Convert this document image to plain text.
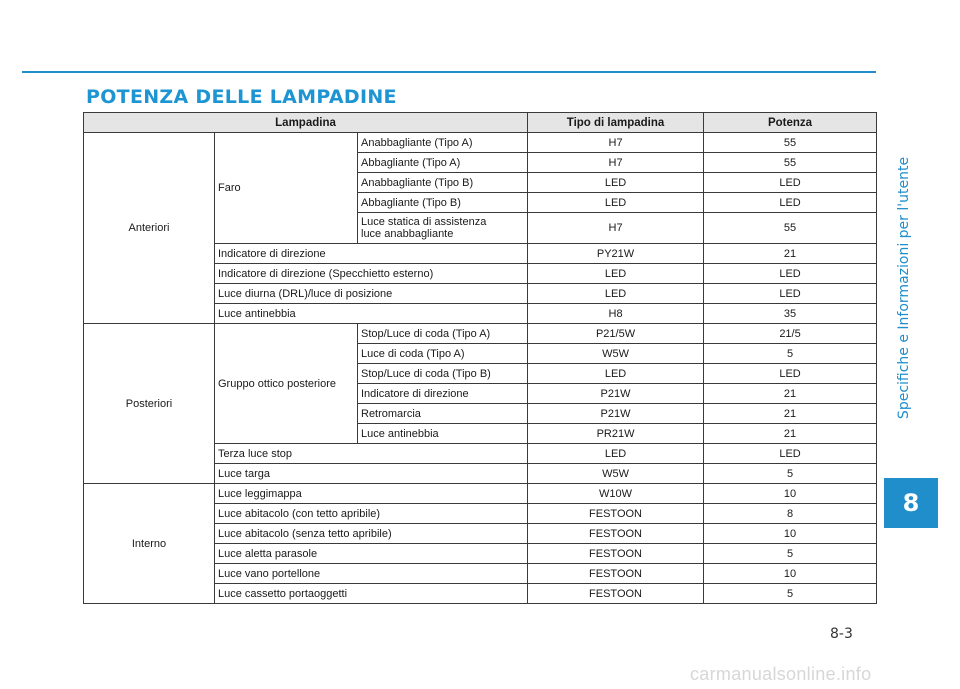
POTENZA DELLE LAMPADINE
Lampadina			Tipo di lampadina	Potenza
Anteriori	Faro	Anabbagliante (Tipo A)	H7	55
		Abbagliante (Tipo A)	H7	55
		Anabbagliante (Tipo B)	LED	LED
		Abbagliante (Tipo B)	LED	LED
		Luce statica di assistenza
luce anabbagliante	H7	55
	Indicatore di direzione		PY21W	21
	Indicatore di direzione (Specchietto esterno)		LED	LED
	Luce diurna (DRL)/luce di posizione		LED	LED
	Luce antinebbia		H8	35
Posteriori	Gruppo ottico posteriore	Stop/Luce di coda (Tipo A)	P21/5W	21/5
		Luce di coda (Tipo A)	W5W	5
		Stop/Luce di coda (Tipo B)	LED	LED
		Indicatore di direzione	P21W	21
		Retromarcia	P21W	21
		Luce antinebbia	PR21W	21
	Terza luce stop		LED	LED
	Luce targa		W5W	5
Interno	Luce leggimappa		W10W	10
	Luce abitacolo (con tetto apribile)		FESTOON	8
	Luce abitacolo (senza tetto apribile)		FESTOON	10
	Luce aletta parasole		FESTOON	5
	Luce vano portellone		FESTOON	10
	Luce cassetto portaoggetti		FESTOON	5
Specifiche e Informazioni per l'utente
8
8-3
carmanualsonline.info
